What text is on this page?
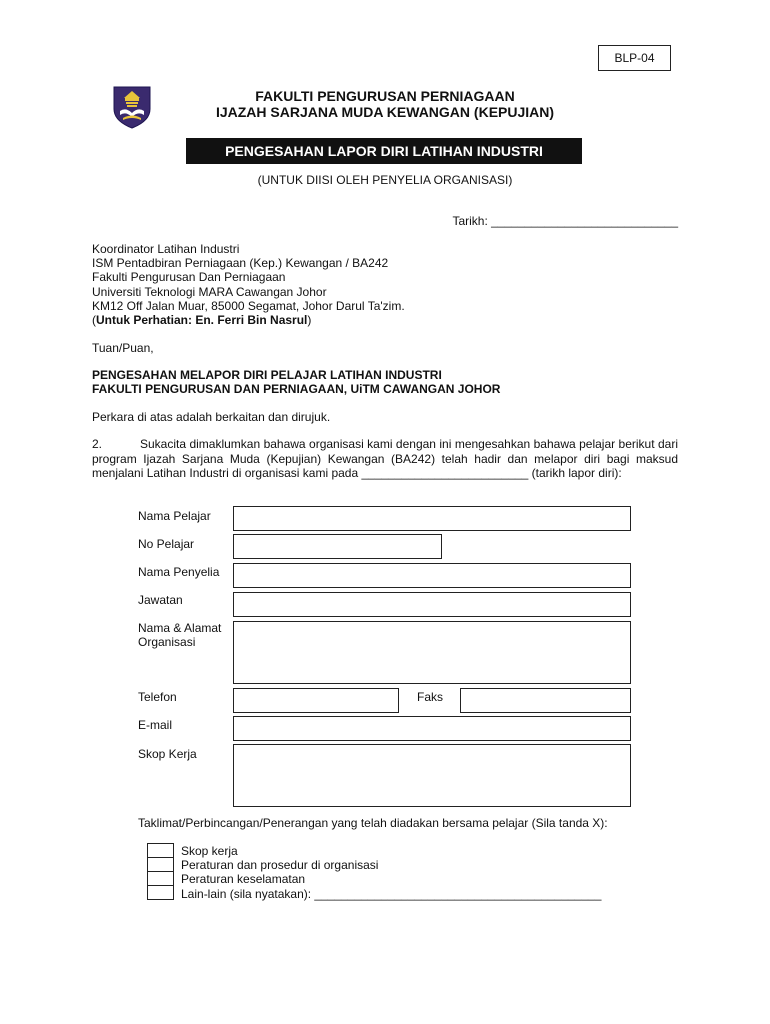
BLP-04
FAKULTI PENGURUSAN PERNIAGAAN
IJAZAH SARJANA MUDA KEWANGAN (KEPUJIAN)
PENGESAHAN LAPOR DIRI LATIHAN INDUSTRI
(UNTUK DIISI OLEH PENYELIA ORGANISASI)
Tarikh: ____________________________
Koordinator Latihan Industri
ISM Pentadbiran Perniagaan (Kep.) Kewangan / BA242
Fakulti Pengurusan Dan Perniagaan
Universiti Teknologi MARA Cawangan Johor
KM12 Off Jalan Muar, 85000 Segamat, Johor Darul Ta'zim.
(Untuk Perhatian: En. Ferri Bin Nasrul)
Tuan/Puan,
PENGESAHAN MELAPOR DIRI PELAJAR LATIHAN INDUSTRI
FAKULTI PENGURUSAN DAN PERNIAGAAN, UiTM CAWANGAN JOHOR
Perkara di atas adalah berkaitan dan dirujuk.
2.	Sukacita dimaklumkan bahawa organisasi kami dengan ini mengesahkan bahawa pelajar berikut dari program Ijazah Sarjana Muda (Kepujian) Kewangan (BA242) telah hadir dan melapor diri bagi maksud menjalani Latihan Industri di organisasi kami pada _________________________ (tarikh lapor diri):
Nama Pelajar
No Pelajar
Nama Penyelia
Jawatan
Nama & Alamat
Organisasi
Telefon	Faks
E-mail
Skop Kerja
Taklimat/Perbincangan/Penerangan yang telah diadakan bersama pelajar (Sila tanda X):
Skop kerja
Peraturan dan prosedur di organisasi
Peraturan keselamatan
Lain-lain (sila nyatakan): ___________________________________________
